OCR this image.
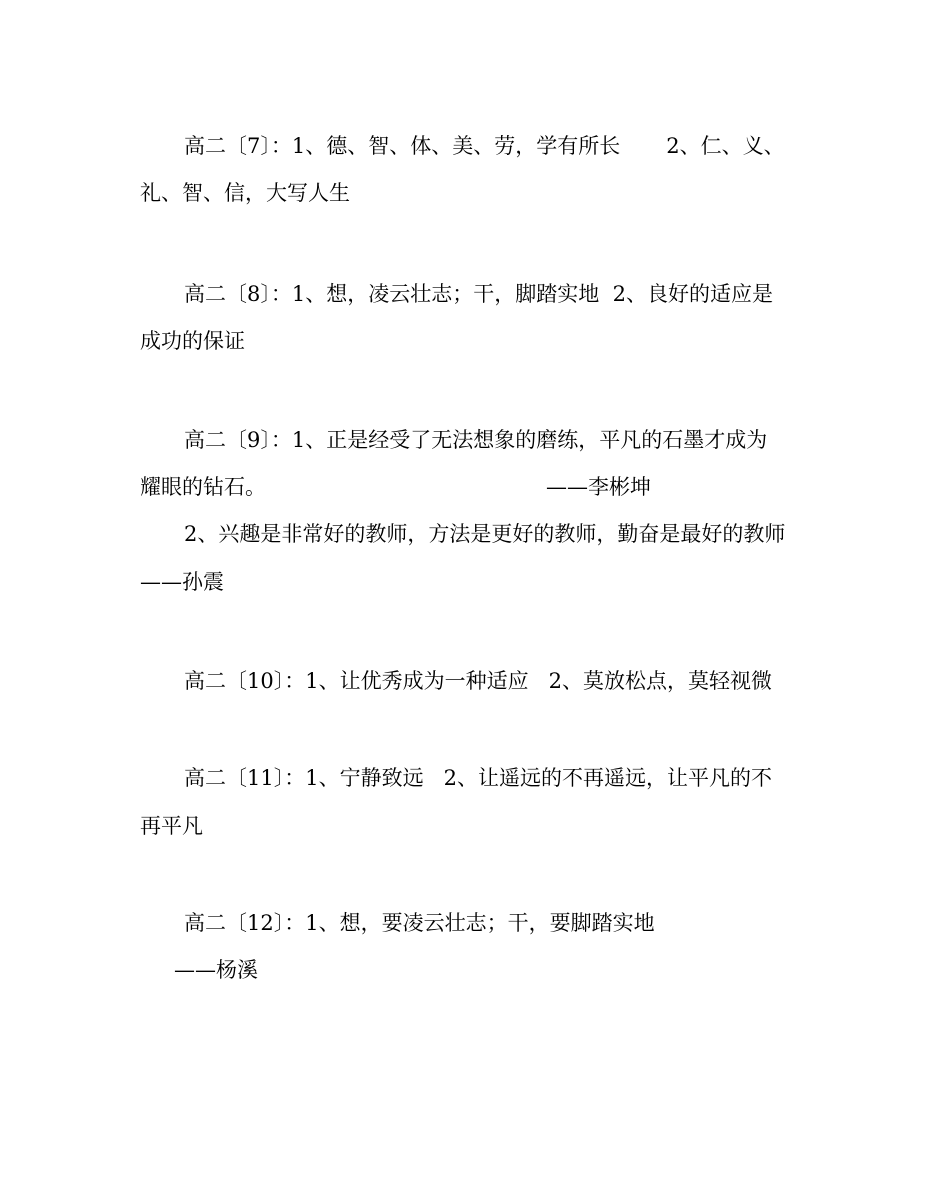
高二〔7〕：1、德、智、体、美、劳，学有所长 2、仁、义、
礼、智、信，大写人生
高二〔8〕：1、想，凌云壮志；干，脚踏实地  2、良好的适应是
成功的保证
高二〔9〕：1、正是经受了无法想象的磨练，平凡的石墨才成为
耀眼的钻石。	——李彬坤
2、兴趣是非常好的教师，方法是更好的教师，勤奋是最好的教师
——孙震
高二〔10〕：1、让优秀成为一种适应   2、莫放松点，莫轻视微
高二〔11〕：1、宁静致远   2、让遥远的不再遥远，让平凡的不
再平凡
高二〔12〕：1、想，要凌云壮志；干，要脚踏实地
——杨溪
